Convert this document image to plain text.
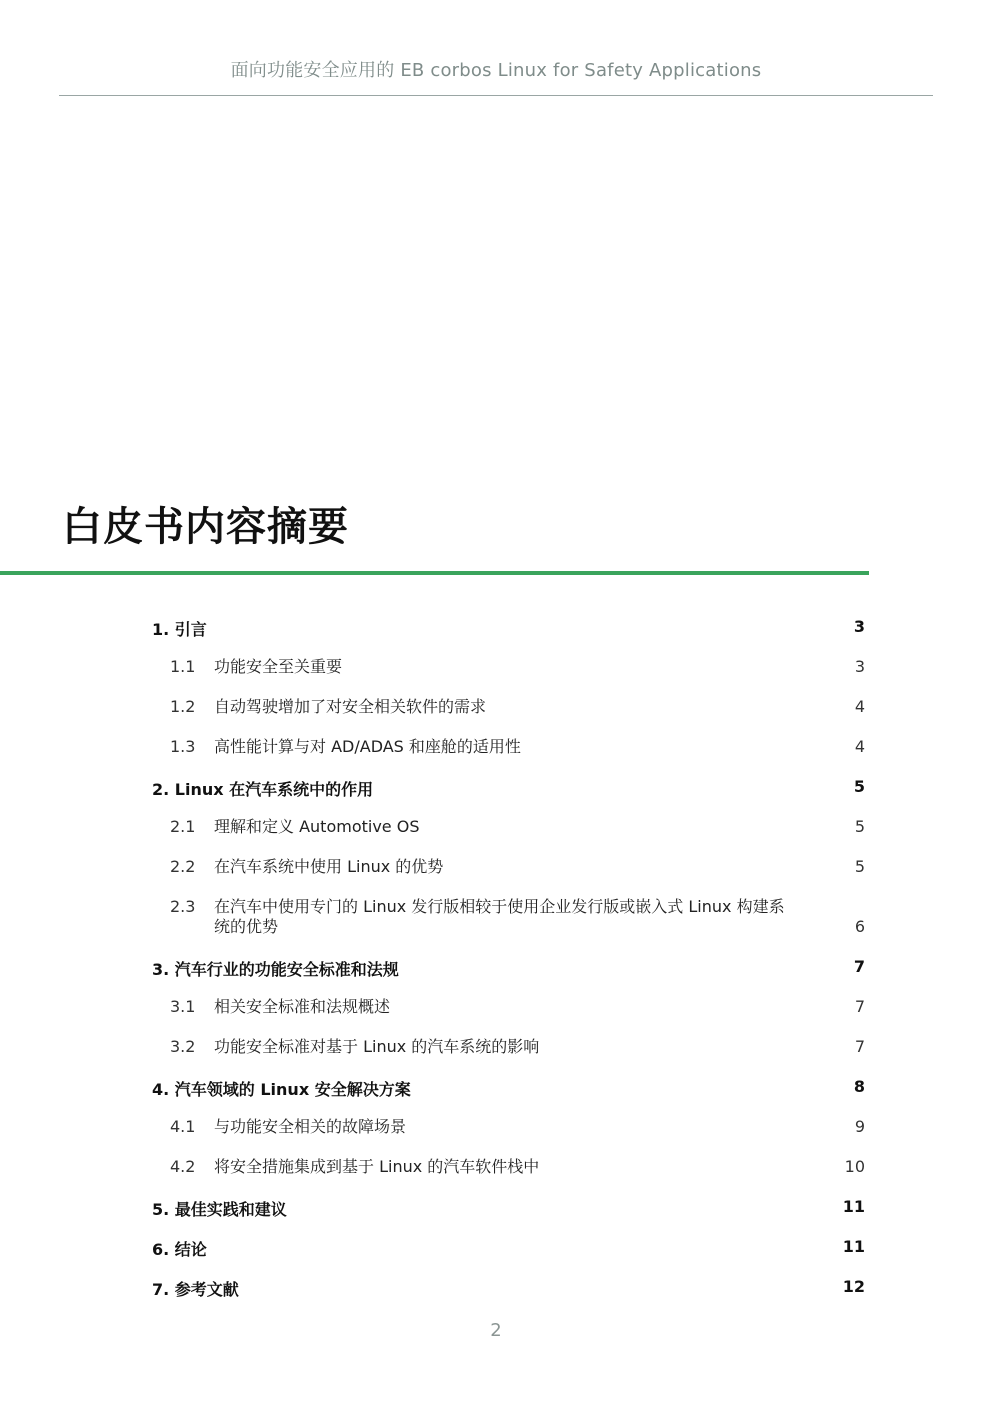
面向功能安全应用的 EB corbos Linux for Safety Applications
白皮书内容摘要
1. 引言	3
1.1 功能安全至关重要	3
1.2 自动驾驶增加了对安全相关软件的需求	4
1.3 高性能计算与对 AD/ADAS 和座舱的适用性	4
2. Linux 在汽车系统中的作用	5
2.1 理解和定义 Automotive OS	5
2.2 在汽车系统中使用 Linux 的优势	5
2.3 在汽车中使用专门的 Linux 发行版相较于使用企业发行版或嵌入式 Linux 构建系统的优势	6
3. 汽车行业的功能安全标准和法规	7
3.1 相关安全标准和法规概述	7
3.2 功能安全标准对基于 Linux 的汽车系统的影响	7
4. 汽车领域的 Linux 安全解决方案	8
4.1 与功能安全相关的故障场景	9
4.2 将安全措施集成到基于 Linux 的汽车软件栈中	10
5. 最佳实践和建议	11
6. 结论	11
7. 参考文献	12
2
